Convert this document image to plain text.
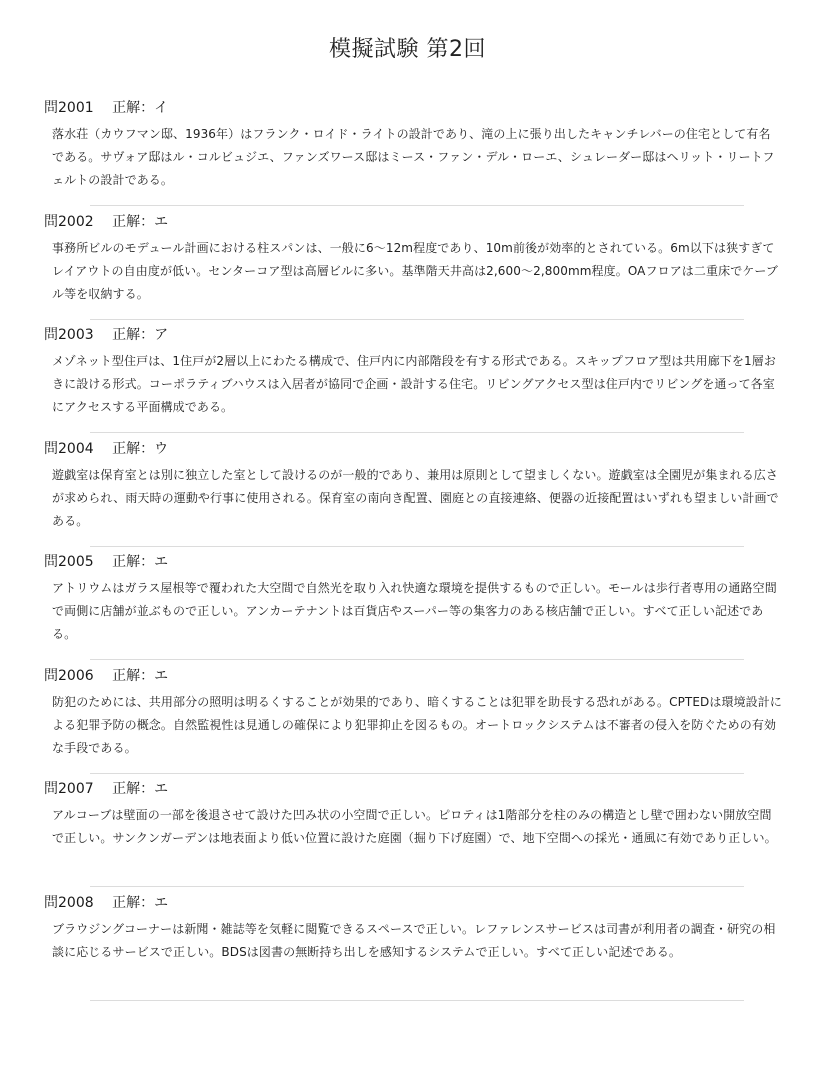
模擬試験 第2回
問2001 正解：イ
落水荘（カウフマン邸、1936年）はフランク・ロイド・ライトの設計であり、滝の上に張り出したキャンチレバーの住宅として有名である。サヴォア邸はル・コルビュジエ、ファンズワース邸はミース・ファン・デル・ローエ、シュレーダー邸はヘリット・リートフェルトの設計である。
問2002 正解：エ
事務所ビルのモデュール計画における柱スパンは、一般に6〜12m程度であり、10m前後が効率的とされている。6m以下は狭すぎてレイアウトの自由度が低い。センターコア型は高層ビルに多い。基準階天井高は2,600〜2,800mm程度。OAフロアは二重床でケーブル等を収納する。
問2003 正解：ア
メゾネット型住戸は、1住戸が2層以上にわたる構成で、住戸内に内部階段を有する形式である。スキップフロア型は共用廊下を1層おきに設ける形式。コーポラティブハウスは入居者が協同で企画・設計する住宅。リビングアクセス型は住戸内でリビングを通って各室にアクセスする平面構成である。
問2004 正解：ウ
遊戯室は保育室とは別に独立した室として設けるのが一般的であり、兼用は原則として望ましくない。遊戯室は全園児が集まれる広さが求められ、雨天時の運動や行事に使用される。保育室の南向き配置、園庭との直接連絡、便器の近接配置はいずれも望ましい計画である。
問2005 正解：エ
アトリウムはガラス屋根等で覆われた大空間で自然光を取り入れ快適な環境を提供するもので正しい。モールは歩行者専用の通路空間で両側に店舗が並ぶもので正しい。アンカーテナントは百貨店やスーパー等の集客力のある核店舗で正しい。すべて正しい記述である。
問2006 正解：エ
防犯のためには、共用部分の照明は明るくすることが効果的であり、暗くすることは犯罪を助長する恐れがある。CPTEDは環境設計による犯罪予防の概念。自然監視性は見通しの確保により犯罪抑止を図るもの。オートロックシステムは不審者の侵入を防ぐための有効な手段である。
問2007 正解：エ
アルコーブは壁面の一部を後退させて設けた凹み状の小空間で正しい。ピロティは1階部分を柱のみの構造とし壁で囲わない開放空間で正しい。サンクンガーデンは地表面より低い位置に設けた庭園（掘り下げ庭園）で、地下空間への採光・通風に有効であり正しい。
問2008 正解：エ
ブラウジングコーナーは新聞・雑誌等を気軽に閲覧できるスペースで正しい。レファレンスサービスは司書が利用者の調査・研究の相談に応じるサービスで正しい。BDSは図書の無断持ち出しを感知するシステムで正しい。すべて正しい記述である。
